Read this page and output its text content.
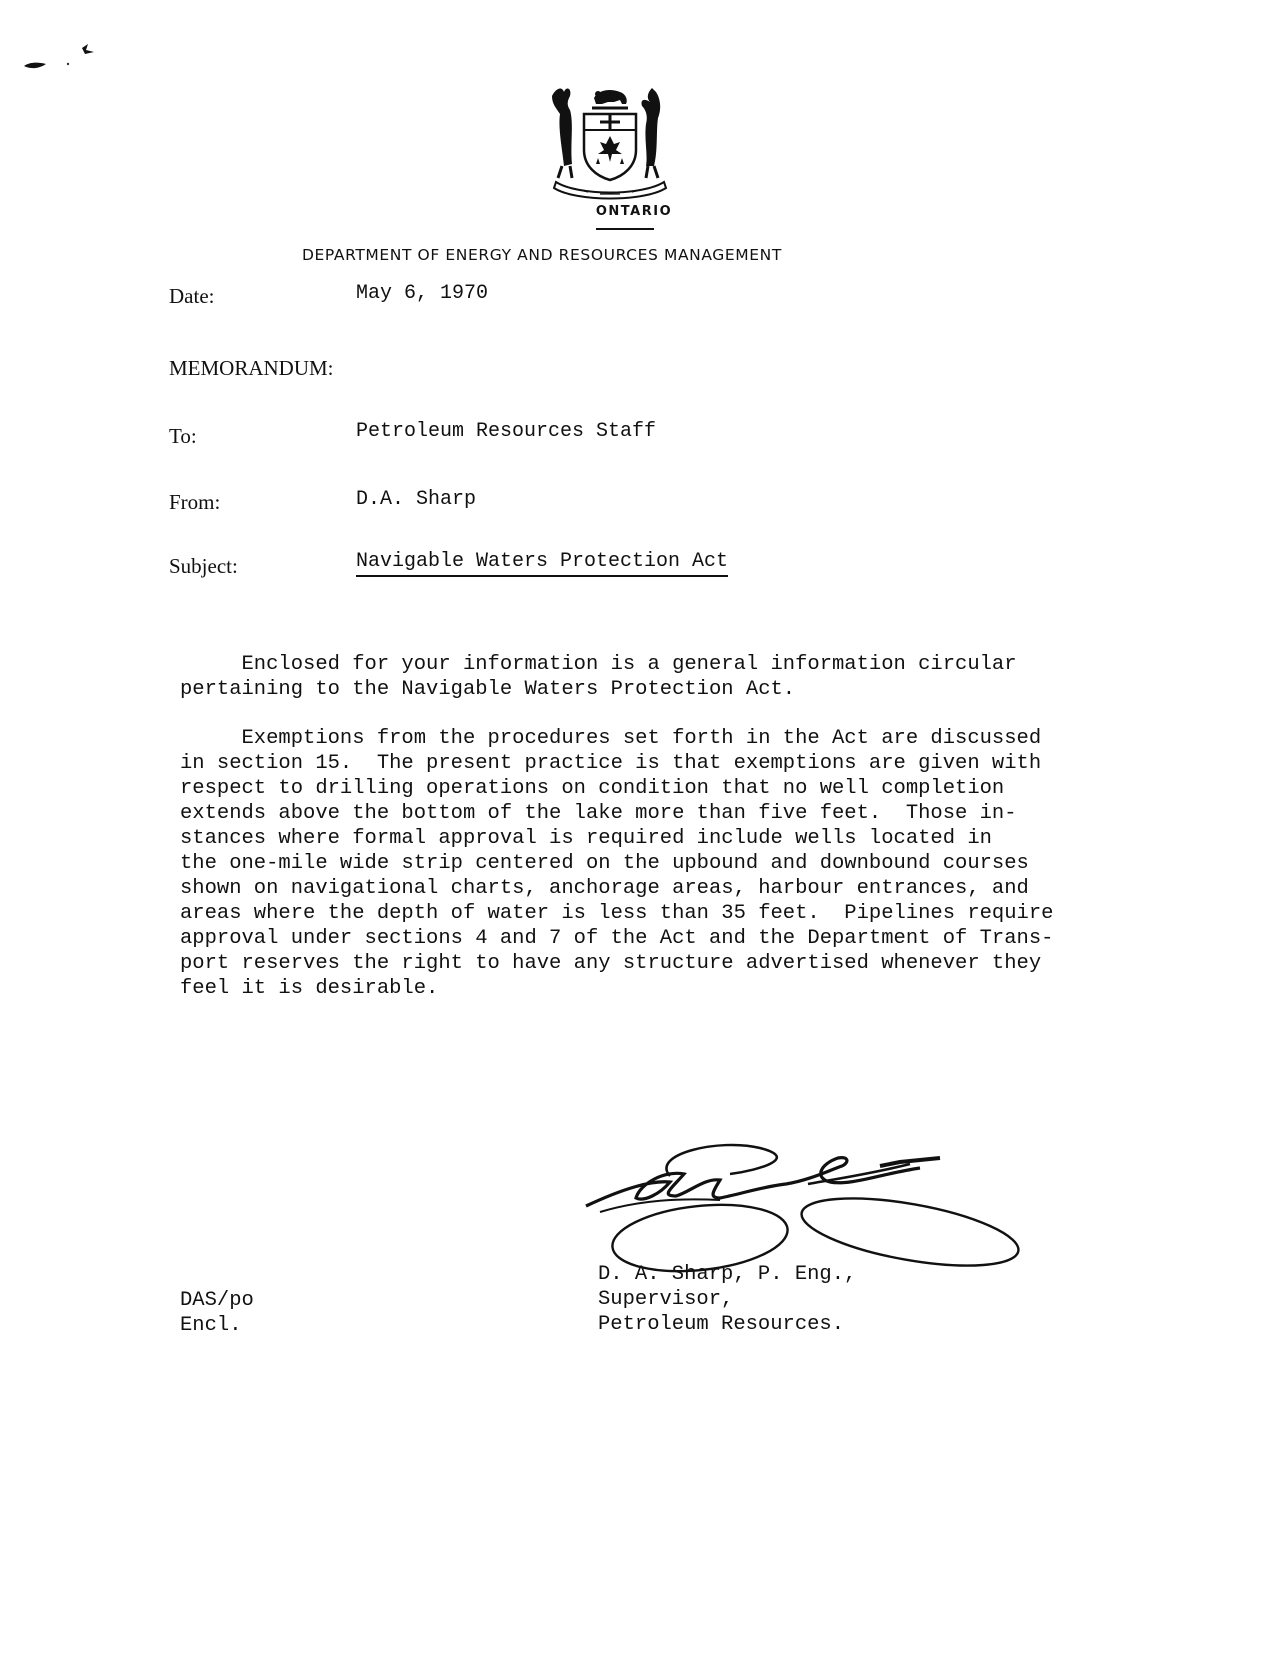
ONTARIO
DEPARTMENT OF ENERGY AND RESOURCES MANAGEMENT
Date:	May 6, 1970
MEMORANDUM:
To:	Petroleum Resources Staff
From:	D.A. Sharp
Subject:	Navigable Waters Protection Act
Enclosed for your information is a general information circular
pertaining to the Navigable Waters Protection Act.
Exemptions from the procedures set forth in the Act are discussed
in section 15.  The present practice is that exemptions are given with
respect to drilling operations on condition that no well completion
extends above the bottom of the lake more than five feet.  Those in-
stances where formal approval is required include wells located in
the one-mile wide strip centered on the upbound and downbound courses
shown on navigational charts, anchorage areas, harbour entrances, and
areas where the depth of water is less than 35 feet.  Pipelines require
approval under sections 4 and 7 of the Act and the Department of Trans-
port reserves the right to have any structure advertised whenever they
feel it is desirable.
DAS/po
Encl.
D. A. Sharp, P. Eng.,
Supervisor,
Petroleum Resources.
